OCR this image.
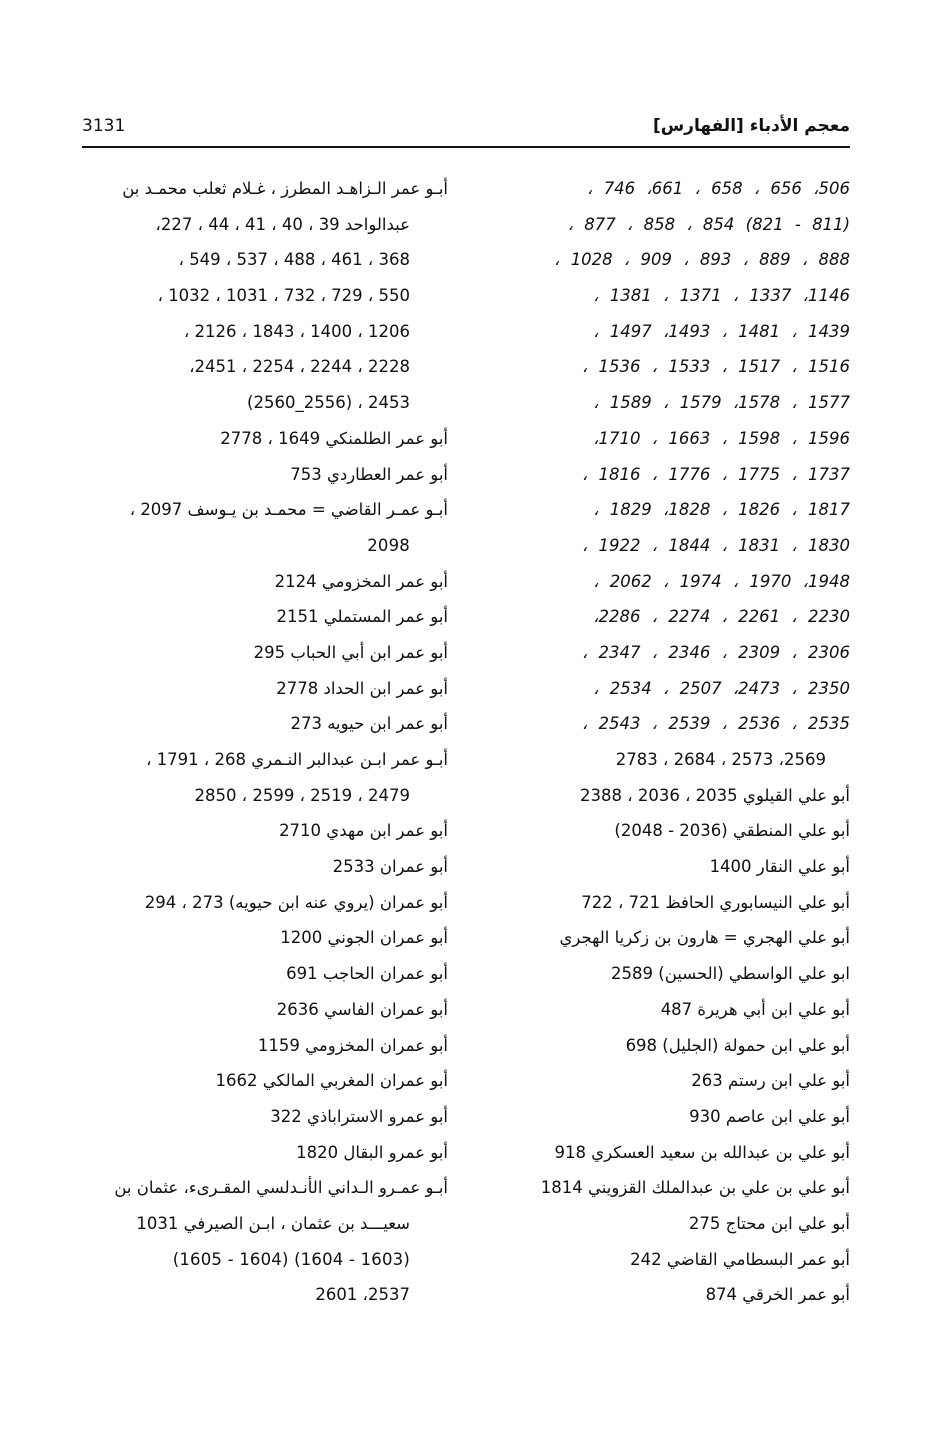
معجم الأدباء [الفهارس]
3131
506، 656 ، 658 ، 661، 746 ،
(811 - 821) 854 ، 858 ، 877 ،
888 ، 889 ، 893 ، 909 ، 1028 ،
1146، 1337 ، 1371 ، 1381 ،
1439 ، 1481 ، 1493، 1497 ،
1516 ، 1517 ، 1533 ، 1536 ،
1577 ، 1578، 1579 ، 1589 ،
1596 ، 1598 ، 1663 ، 1710،
1737 ، 1775 ، 1776 ، 1816 ،
1817 ، 1826 ، 1828، 1829 ،
1830 ، 1831 ، 1844 ، 1922 ،
1948، 1970 ، 1974 ، 2062 ،
2230 ، 2261 ، 2274 ، 2286،
2306 ، 2309 ، 2346 ، 2347 ،
2350 ، 2473، 2507 ، 2534 ،
2535 ، 2536 ، 2539 ، 2543 ،
2569، 2573 ، 2684 ، 2783
أبو علي القيلوي 2035 ، 2036 ، 2388
أبو علي المنطقي (2036 - 2048)
أبو علي النقار 1400
أبو علي النيسابوري الحافظ 721 ، 722
أبو علي الهجري = هارون بن زكريا الهجري
ابو علي الواسطي (الحسين) 2589
أبو علي ابن أبي هريرة 487
أبو علي ابن حمولة (الجليل) 698
أبو علي ابن رستم 263
أبو علي ابن عاصم 930
أبو علي بن عبدالله بن سعيد العسكري 918
أبو علي بن علي بن عبدالملك القزويني 1814
أبو علي ابن محتاج 275
أبو عمر البسطامي القاضي 242
أبو عمر الخرقي 874
أبـو عمر الـزاهـد المطرز ، غـلام ثعلب محمـد بن
عبدالواحد 39 ، 40 ، 41 ، 44 ، 227،
368 ، 461 ، 488 ، 537 ، 549 ،
550 ، 729 ، 732 ، 1031 ، 1032 ،
1206 ، 1400 ، 1843 ، 2126 ،
2228 ، 2244 ، 2254 ، 2451،
2453 ، (2556_2560)
أبو عمر الطلمنكي 1649 ، 2778
أبو عمر العطاردي 753
أبـو عمـر القاضي = محمـد بن يـوسف 2097 ،
2098
أبو عمر المخزومي 2124
أبو عمر المستملي 2151
أبو عمر ابن أبي الحباب 295
أبو عمر ابن الحداد 2778
أبو عمر ابن حيويه 273
أبـو عمر ابـن عبدالبر النـمري 268 ، 1791 ،
2479 ، 2519 ، 2599 ، 2850
أبو عمر ابن مهدي 2710
أبو عمران 2533
أبو عمران (يروي عنه ابن حيويه) 273 ، 294
أبو عمران الجوني 1200
أبو عمران الحاجب 691
أبو عمران الفاسي 2636
أبو عمران المخزومي 1159
أبو عمران المغربي المالكي 1662
أبو عمرو الاستراباذي 322
أبو عمرو البقال 1820
أبـو عمـرو الـداني الأنـدلسي المقـرىء، عثمان بن
سعيـــد بن عثمان ، ابـن الصيرفي 1031
(1603 - 1604) (1604 - 1605)
2537، 2601
